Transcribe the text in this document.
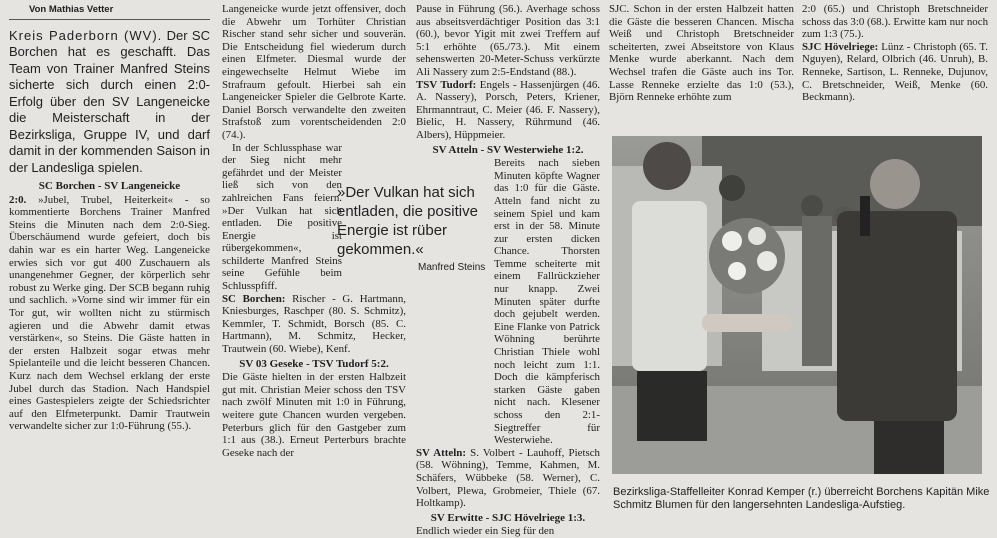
Von Mathias Vetter
Kreis Paderborn (WV). Der SC Borchen hat es geschafft. Das Team von Trainer Manfred Steins sicherte sich durch einen 2:0-Erfolg über den SV Langeneicke die Meisterschaft in der Bezirksliga, Gruppe IV, und darf damit in der kommenden Saison in der Landesliga spielen.
SC Borchen - SV Langeneicke

2:0. »Jubel, Trubel, Heiterkeit« - so kommentierte Borchens Trainer Manfred Steins die Minuten nach dem 2:0-Sieg. Überschäumend wurde gefeiert, doch bis dahin war es ein harter Weg. Langeneicke erwies sich vor gut 400 Zuschauern als unangenehmer Gegner, der körperlich sehr robust zu Werke ging. Der SCB begann ruhig und sachlich. »Vorne sind wir immer für ein Tor gut, wir wollten nicht zu stürmisch agieren und die Abwehr damit etwas verstärken«, so Steins. Die Gäste hatten in der ersten Halbzeit sogar etwas mehr Spielanteile und die leicht besseren Chancen. Kurz nach dem Wechsel erklang der erste Jubel durch das Stadion. Nach Handspiel eines Gastespielers zeigte der Schiedsrichter auf den Elfmeterpunkt. Damir Trautwein verwandelte sicher zur 1:0-Führung (55.).

Langeneicke wurde jetzt offensiver, doch die Abwehr um Torhüter Christian Rischer stand sehr sicher und souverän. Die Entscheidung fiel wiederum durch einen Elfmeter. Diesmal wurde der eingewechselte Helmut Wiebe im Strafraum gefoult. Hierbei sah ein Langeneicker Spieler die Gelbrote Karte. Daniel Borsch verwandelte den zweiten Strafstoß zum vorentscheidenden 2:0 (74.).

In der Schlussphase war der Sieg nicht mehr gefährdet und der Meister ließ sich von den zahlreichen Fans feiern. »Der Vulkan hat sich entladen. Die positive Energie ist rübergekommen«, schilderte Manfred Steins seine Gefühle beim Schlusspfiff.

SC Borchen: Rischer - G. Hartmann, Kniesburges, Raschper (80. S. Schmitz), Kemmler, T. Schmidt, Borsch (85. C. Hartmann), M. Schmitz, Hecker, Trautwein (60. Wiebe), Kenf.

SV 03 Geseke - TSV Tudorf 5:2.

Die Gäste hielten in der ersten Halbzeit gut mit. Christian Meier schoss den TSV nach zwölf Minuten mit 1:0 in Führung, weitere gute Chancen wurden vergeben. Peterburs glich für den Gastgeber zum 1:1 aus (38.). Erneut Perterburs brachte Geseke nach der

»Der Vulkan hat sich entladen, die positive Energie ist rüber gekommen.«
Manfred Steins

Pause in Führung (56.). Averhage schoss aus abseitsverdächtiger Position das 3:1 (60.), bevor Yigit mit zwei Treffern auf 5:1 erhöhte (65./73.). Mit einem sehenswerten 20-Meter-Schuss verkürzte Ali Nassery zum 2:5-Endstand (88.).

TSV Tudorf: Engels - Hassenjürgen (46. A. Nassery), Porsch, Peters, Kriener, Ehrmanntraut, C. Meier (46. F. Nassery), Bielic, H. Nassery, Rührmund (46. Albers), Hüppmeier.

SV Atteln - SV Westerwiehe 1:2.

Bereits nach sieben Minuten köpfte Wagner das 1:0 für die Gäste. Atteln fand nicht zu seinem Spiel und kam erst in der 58. Minute zur ersten dicken Chance. Thorsten Temme scheiterte mit einem Fallrückzieher nur knapp. Zwei Minuten später durfte doch gejubelt werden. Eine Flanke von Patrick Wöhning berührte Christian Thiele wohl noch leicht zum 1:1. Doch die kämpferisch starken Gäste gaben nicht nach. Klesener schoss den 2:1-Siegtreffer für Westerwiehe.

SV Atteln: S. Volbert - Lauhoff, Pietsch (58. Wöhning), Temme, Kahmen, M. Schäfers, Wübbeke (58. Werner), C. Volbert, Plewa, Grobmeier, Thiele (67. Holtkamp).

SV Erwitte - SJC Hövelriege 1:3.

Endlich wieder ein Sieg für den

SJC. Schon in der ersten Halbzeit hatten die Gäste die besseren Chancen. Mischa Weiß und Christoph Bretschneider scheiterten, zwei Abseitstore von Klaus Menke wurde aberkannt. Nach dem Wechsel trafen die Gäste auch ins Tor. Lasse Renneke erzielte das 1:0 (53.), Björn Renneke erhöhte zum

2:0 (65.) und Christoph Bretschneider schoss das 3:0 (68.). Erwitte kam nur noch zum 1:3 (75.).

SJC Hövelriege: Lünz - Christoph (65. T. Nguyen), Relard, Olbrich (46. Unruh), B. Renneke, Sartison, L. Renneke, Dujunov, C. Bretschneider, Weiß, Menke (60. Beckmann).

Bezirksliga-Staffelleiter Konrad Kemper (r.) überreicht Borchens Kapitän Mike Schmitz Blumen für den langersehnten Landesliga-Aufstieg.
